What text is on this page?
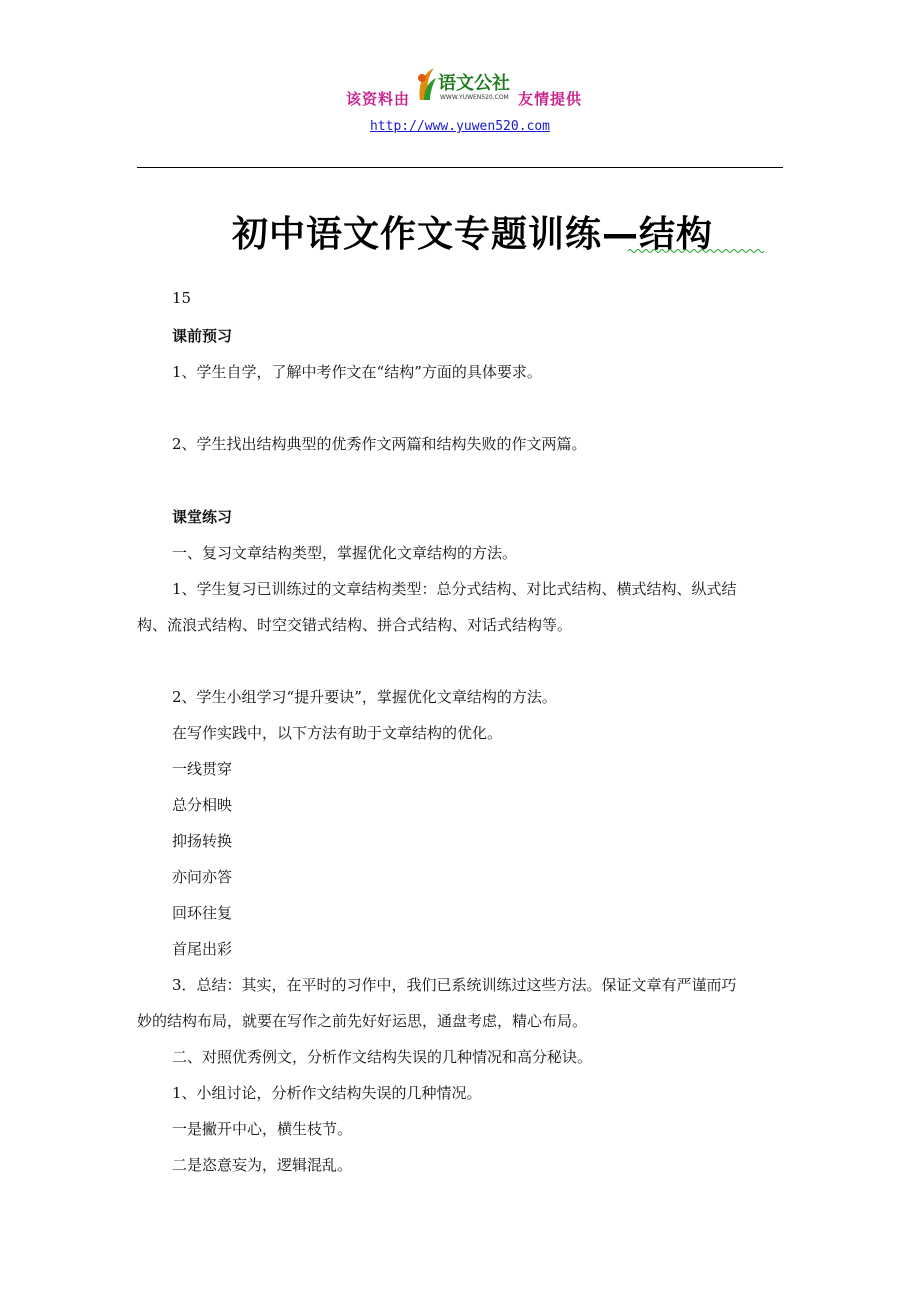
该资料由
语文公社
WWW.YUWEN520.COM 友情提供
http://www.yuwen520.com
初中语文作文专题训练—结构
15
课前预习
1、学生自学，了解中考作文在“结构”方面的具体要求。
2、学生找出结构典型的优秀作文两篇和结构失败的作文两篇。
课堂练习
一、复习文章结构类型，掌握优化文章结构的方法。
1、学生复习已训练过的文章结构类型：总分式结构、对比式结构、横式结构、纵式结
构、流浪式结构、时空交错式结构、拼合式结构、对话式结构等。
2、学生小组学习“提升要诀”，掌握优化文章结构的方法。
在写作实践中，以下方法有助于文章结构的优化。
一线贯穿
总分相映
抑扬转换
亦问亦答
回环往复
首尾出彩
3．总结：其实，在平时的习作中，我们已系统训练过这些方法。保证文章有严谨而巧
妙的结构布局，就要在写作之前先好好运思，通盘考虑，精心布局。
二、对照优秀例文，分析作文结构失误的几种情况和高分秘诀。
1、小组讨论，分析作文结构失误的几种情况。
一是撇开中心，横生枝节。
二是恣意妄为，逻辑混乱。
